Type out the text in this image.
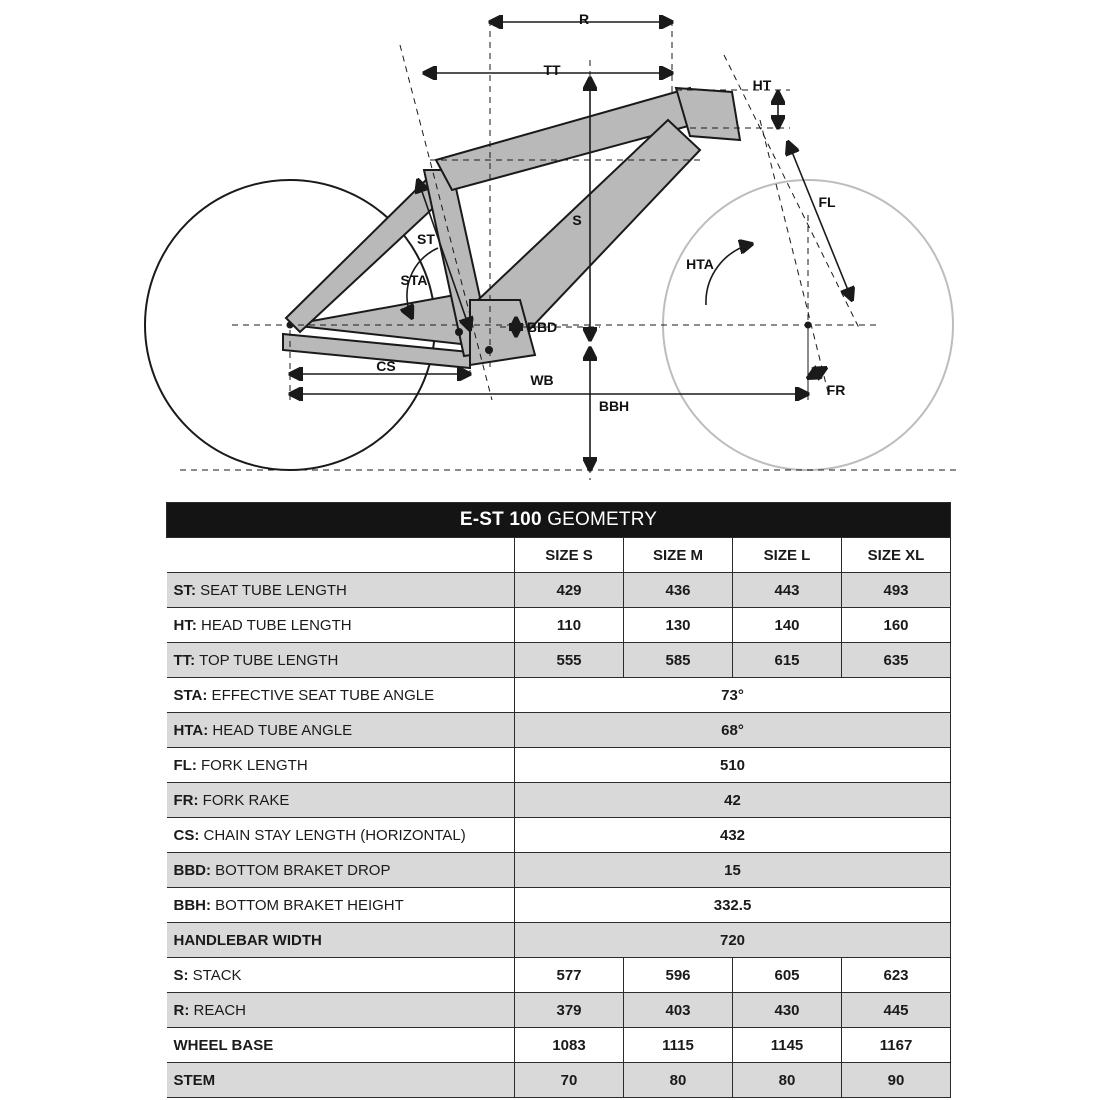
R
TT
HT
S
FL
ST
HTA
STA
BBD
CS
WB
FR
BBH
E-ST 100 GEOMETRY				
	SIZE S	SIZE M	SIZE L	SIZE XL
ST: SEAT TUBE LENGTH	429	436	443	493
HT: HEAD TUBE LENGTH	110	130	140	160
TT: TOP TUBE LENGTH	555	585	615	635
STA: EFFECTIVE SEAT TUBE ANGLE	73°			
HTA: HEAD TUBE ANGLE	68°			
FL: FORK LENGTH	510			
FR: FORK RAKE	42			
CS: CHAIN STAY LENGTH (HORIZONTAL)	432			
BBD: BOTTOM BRAKET DROP	15			
BBH: BOTTOM BRAKET HEIGHT	332.5			
HANDLEBAR WIDTH	720			
S: STACK	577	596	605	623
R: REACH	379	403	430	445
WHEEL BASE	1083	1115	1145	1167
STEM	70	80	80	90
